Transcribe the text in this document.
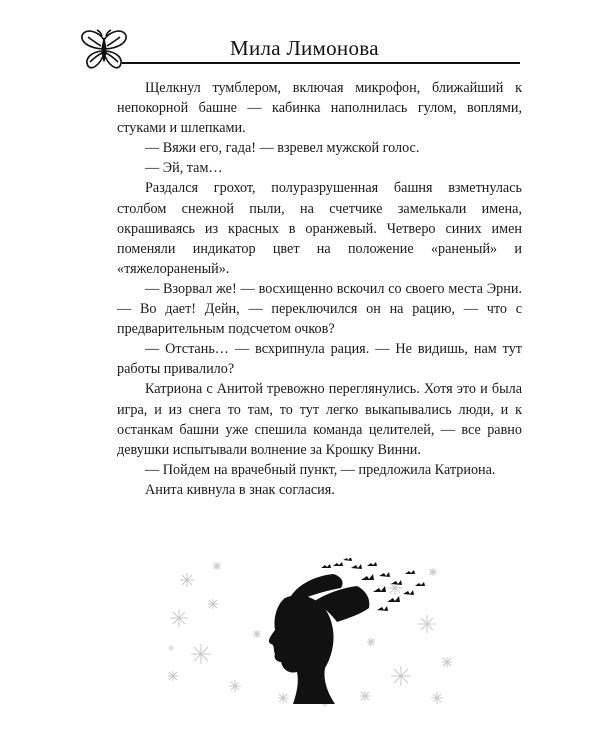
Мила Лимонова

Щелкнул тумблером, включая микрофон, ближайший к непокорной башне — кабинка наполнилась гулом, воплями, стуками и шлепками.

— Вяжи его, гада! — взревел мужской голос.

— Эй, там…

Раздался грохот, полуразрушенная башня взметнулась столбом снежной пыли, на счетчике замелькали имена, окрашиваясь из красных в оранжевый. Четверо синих имен поменяли индикатор цвет на положение «раненый» и «тяжелораненый».

— Взорвал же! — восхищенно вскочил со своего места Эрни. — Во дает! Дейн, — переключился он на рацию, — что с предварительным подсчетом очков?

— Отстань… — всхрипнула рация. — Не видишь, нам тут работы привалило?

Катриона с Анитой тревожно переглянулись. Хотя это и была игра, и из снега то там, то тут легко выкапывались люди, и к останкам башни уже спешила команда целителей, — все равно девушки испытывали волнение за Крошку Винни.

— Пойдем на врачебный пункт, — предложила Катриона.

Анита кивнула в знак согласия.
